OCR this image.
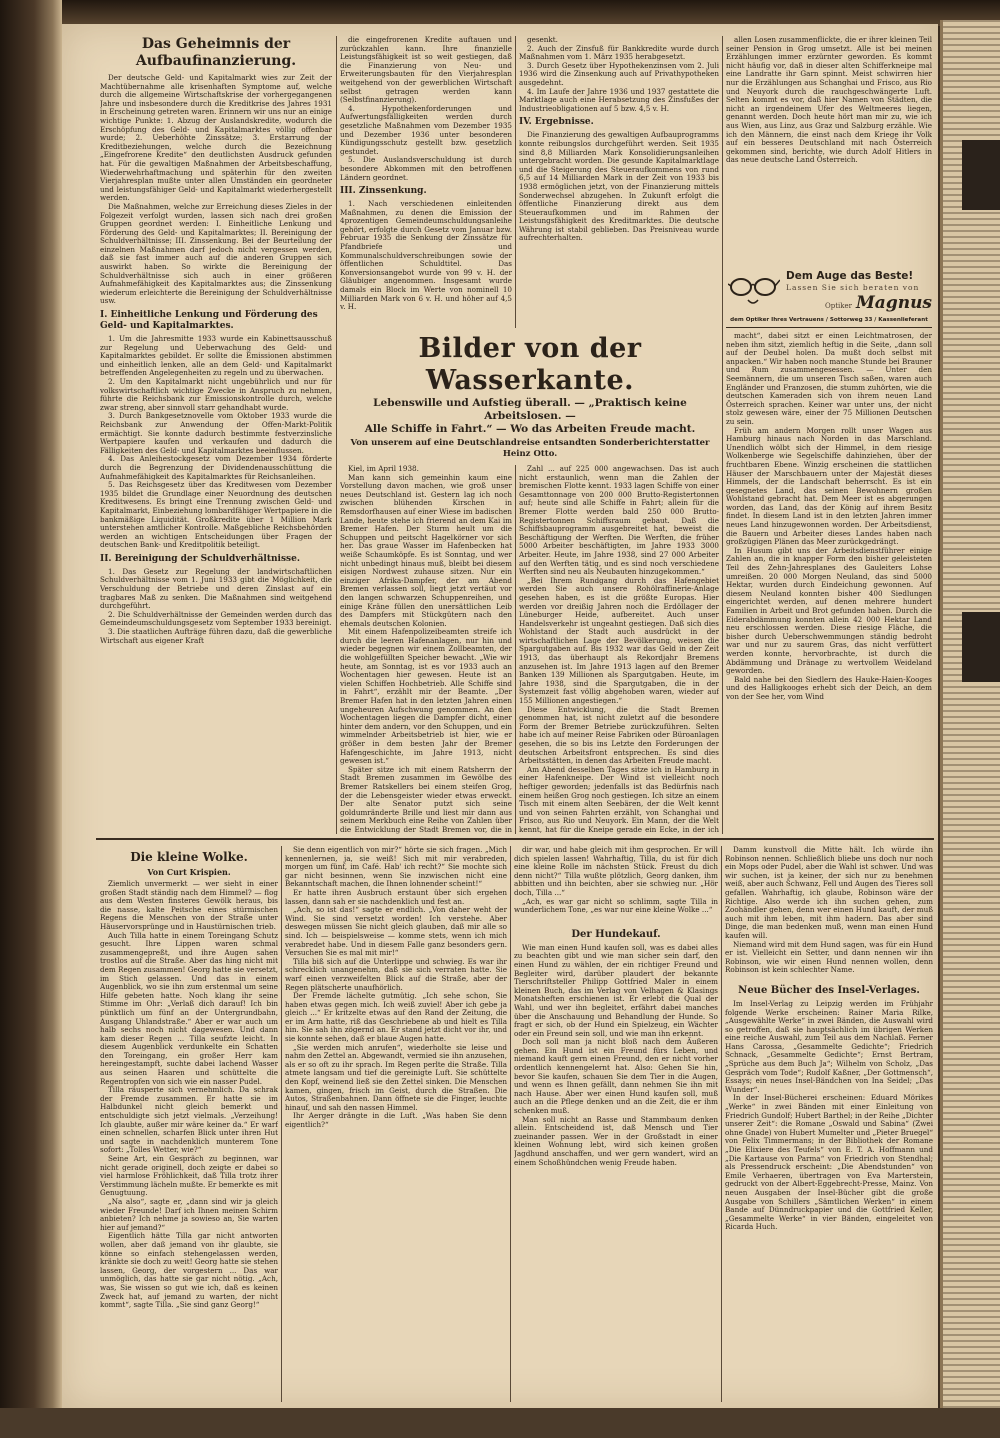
Das Geheimnis der Aufbaufinanzierung.

Der deutsche Geld- und Kapitalmarkt wies zur Zeit der Machtübernahme alle krisenhaften Symptome auf, welche durch die allgemeine Wirtschaftskrise der vorhergegangenen Jahre und insbesondere durch die Kreditkrise des Jahres 1931 in Erscheinung getreten waren. Erinnern wir uns nur an einige wichtige Punkte: 1. Abzug der Auslandskredite, wodurch die Erschöpfung des Geld- und Kapitalmarktes völlig offenbar wurde; 2. Ueberhöhte Zinssätze; 3. Erstarrung der Kreditbeziehungen, welche durch die Bezeichnung „Eingefrorene Kredite“ den deutlichsten Ausdruck gefunden hat. Für die gewaltigen Maßnahmen der Arbeitsbeschaffung, Wiederwehrhaftmachung und späterhin für den zweiten Vierjahresplan mußte unter allen Umständen ein geordneter und leistungsfähiger Geld- und Kapitalmarkt wiederhergestellt werden.

Die Maßnahmen, welche zur Erreichung dieses Zieles in der Folgezeit verfolgt wurden, lassen sich nach drei großen Gruppen geordnet werden: I. Einheitliche Lenkung und Förderung des Geld- und Kapitalmarktes; II. Bereinigung der Schuldverhältnisse; III. Zinssenkung. Bei der Beurteilung der einzelnen Maßnahmen darf jedoch nicht vergessen werden, daß sie fast immer auch auf die anderen Gruppen sich auswirkt haben. So wirkte die Bereinigung der Schuldverhältnisse sich auch in einer größeren Aufnahmefähigkeit des Kapitalmarktes aus; die Zinssenkung wiederum erleichterte die Bereinigung der Schuldverhältnisse usw.

I. Einheitliche Lenkung und Förderung des Geld- und Kapitalmarktes.

1. Um die Jahresmitte 1933 wurde ein Kabinettsausschuß zur Regelung und Ueberwachung des Geld- und Kapitalmarktes gebildet. Er sollte die Emissionen abstimmen und einheitlich lenken, alle an dem Geld- und Kapitalmarkt betreffenden Angelegenheiten zu regeln und zu überwachen.

2. Um den Kapitalmarkt nicht ungebührlich und nur für volkswirtschaftlich wichtige Zwecke in Anspruch zu nehmen, führte die Reichsbank zur Emissionskontrolle durch, welche zwar streng, aber sinnvoll starr gehandhabt wurde.

3. Durch Bankgesetznovelle vom Oktober 1933 wurde die Reichsbank zur Anwendung der Offen-Markt-Politik ermächtigt. Sie konnte dadurch bestimmte festverzinsliche Wertpapiere kaufen und verkaufen und dadurch die Fälligkeiten des Geld- und Kapitalmarktes beeinflussen.

4. Das Anleihestockgesetz vom Dezember 1934 förderte durch die Begrenzung der Dividendenausschüttung die Aufnahmefähigkeit des Kapitalmarktes für Reichsanleihen.

5. Das Reichsgesetz über das Kreditwesen vom Dezember 1935 bildet die Grundlage einer Neuordnung des deutschen Kreditwesens. Es bringt eine Trennung zwischen Geld- und Kapitalmarkt, Einbeziehung lombardfähiger Wertpapiere in die bankmäßige Liquidität. Großkredite über 1 Million Mark unterstehen amtlicher Kontrolle. Maßgebliche Reichsbehörden werden an wichtigen Entscheidungen über Fragen der deutschen Bank- und Kreditpolitik beteiligt.

II. Bereinigung der Schuldverhältnisse.

1. Das Gesetz zur Regelung der landwirtschaftlichen Schuldverhältnisse vom 1. Juni 1933 gibt die Möglichkeit, die Verschuldung der Betriebe und deren Zinslast auf ein tragbares Maß zu senken. Die Maßnahmen sind weitgehend durchgeführt.

2. Die Schuldverhältnisse der Gemeinden werden durch das Gemeindeumschuldungsgesetz vom September 1933 bereinigt.

3. Die staatlichen Aufträge führen dazu, daß die gewerbliche Wirtschaft aus eigener Kraft

die eingefrorenen Kredite auftauen und zurückzahlen kann. Ihre finanzielle Leistungsfähigkeit ist so weit gestiegen, daß die Finanzierung von Neu- und Erweiterungsbauten für den Vierjahresplan weitgehend von der gewerblichen Wirtschaft selbst getragen werden kann (Selbstfinanzierung).

4. Hypothekenforderungen und Aufwertungsfälligkeiten werden durch gesetzliche Maßnahmen vom Dezember 1935 und Dezember 1936 unter besonderen Kündigungsschutz gestellt bzw. gesetzlich gestundet.

5. Die Auslandsverschuldung ist durch besondere Abkommen mit den betroffenen Ländern geordnet.

III. Zinssenkung.

1. Nach verschiedenen einleitenden Maßnahmen, zu denen die Emission der 4prozentigen Gemeindeumschuldungsanleihe gehört, erfolgte durch Gesetz vom Januar bzw. Februar 1935 die Senkung der Zinssätze für Pfandbriefe und Kommunalschuldverschreibungen sowie der öffentlichen Schuldtitel. Das Konversionsangebot wurde von 99 v. H. der Gläubiger angenommen. Insgesamt wurde damals ein Block im Werte von nominell 10 Milliarden Mark von 6 v. H. und höher auf 4,5 v. H.

gesenkt.

2. Auch der Zinsfuß für Bankkredite wurde durch Maßnahmen vom 1. März 1935 herabgesetzt.

3. Durch Gesetz über Hypothekenzinsen vom 2. Juli 1936 wird die Zinsenkung auch auf Privathypotheken ausgedehnt.

4. Im Laufe der Jahre 1936 und 1937 gestattete die Marktlage auch eine Herabsetzung des Zinsfußes der Industrieobligationen auf 5 bzw. 4,5 v. H.

IV. Ergebnisse.

Die Finanzierung des gewaltigen Aufbauprogramms konnte reibungslos durchgeführt werden. Seit 1935 sind 8,8 Milliarden Mark Konsolidierungsanleihen untergebracht worden. Die gesunde Kapitalmarktlage und die Steigerung des Steueraufkommens von rund 6,5 auf 14 Milliarden Mark in der Zeit von 1933 bis 1938 ermöglichen jetzt, von der Finanzierung mittels Sonderwechsel abzugehen. In Zukunft erfolgt die öffentliche Finanzierung direkt aus dem Steueraufkommen und im Rahmen der Leistungsfähigkeit des Kreditmarktes. Die deutsche Währung ist stabil geblieben. Das Preisniveau wurde aufrechterhalten.

allen Losen zusammenflickte, die er ihrer kleinen Teil seiner Pension in Grog umsetzt. Alle ist bei meinen Erzählungen immer erzürnter geworden. Es kommt nicht häufig vor, daß in dieser alten Schifferkneipe mal eine Landratte ihr Garn spinnt. Meist schwirren hier nur die Erzählungen aus Schanghai und Frisco, aus Rio und Neuyork durch die rauchgeschwängerte Luft. Selten kommt es vor, daß hier Namen von Städten, die nicht an irgendeinem Ufer des Weltmeeres liegen, genannt werden. Doch heute hört man mir zu, wie ich aus Wien, aus Linz, aus Graz und Salzburg erzähle. Wie ich den Männern, die einst nach dem Kriege ihr Volk auf ein besseres Deutschland mit nach Österreich gekommen sind, berichte, wie durch Adolf Hitlers in das neue deutsche Land Österreich.

Dem Auge das Beste!
Lassen Sie sich beraten von
Optiker Magnus
dem Optiker Ihres Vertrauens / Sottorweg 33 / Kassenlieferant

macht“, dabei sitzt er einen Leichtmatrosen, der neben ihm sitzt, ziemlich heftig in die Seite, „dann soll auf der Deubel holen. Da mußt doch selbst mit anpacken.“ Wir haben noch manche Stunde bei Brauner und Rum zusammengesessen. — Unter den Seemännern, die um unseren Tisch saßen, waren auch Engländer und Franzosen, die stumm zuhörten, wie die deutschen Kameraden sich von ihrem neuen Land Österreich sprachen. Keiner war unter uns, der nicht stolz gewesen wäre, einer der 75 Millionen Deutschen zu sein.

Früh am andern Morgen rollt unser Wagen aus Hamburg hinaus nach Norden in das Marschland. Unendlich wölbt sich der Himmel, in dem riesige Wolkenberge wie Segelschiffe dahinziehen, über der fruchtbaren Ebene. Winzig erscheinen die stattlichen Häuser der Marschbauern unter der Majestät dieses Himmels, der die Landschaft beherrscht. Es ist ein gesegnetes Land, das seinen Bewohnern großen Wohlstand gebracht hat. Dem Meer ist es abgerungen worden, das Land, das der König auf ihrem Besitz findet. In diesem Land ist in den letzten Jahren immer neues Land hinzugewonnen worden. Der Arbeitsdienst, die Bauern und Arbeiter dieses Landes haben nach großzügigen Plänen das Meer zurückgedrängt.

In Husum gibt uns der Arbeitsdienstführer einige Zahlen an, die in knapper Form den bisher geleisteten Teil des Zehn-Jahresplanes des Gauleiters Lohse umreißen. 20 000 Morgen Neuland, das sind 5000 Hektar, wurden durch Eindeichung gewonnen. Auf diesem Neuland konnten bisher 400 Siedlungen eingerichtet werden, auf denen mehrere hundert Familien in Arbeit und Brot gefunden haben. Durch die Eiderabdämmung konnten allein 42 000 Hektar Land neu erschlossen werden. Diese riesige Fläche, die bisher durch Ueberschwemmungen ständig bedroht war und nur zu saurem Gras, das nicht verfüttert werden konnte, hervorbrachte, ist durch die Abdämmung und Dränage zu wertvollem Weideland geworden.

Bald nahe bei den Siedlern des Hauke-Haien-Kooges und des Halligkooges erhebt sich der Deich, an dem von der See her, vom Wind

Bilder von der Wasserkante.
Lebenswille und Aufstieg überall. — „Praktisch keine Arbeitslosen. —
Alle Schiffe in Fahrt.“ — Wo das Arbeiten Freude macht.
Von unserem auf eine Deutschlandreise entsandten Sonderberichterstatter Heinz Otto.

Kiel, im April 1938.

Man kann sich gemeinhin kaum eine Vorstellung davon machen, wie groß unser neues Deutschland ist. Gestern lag ich noch zwischen blühenden Kirschen in Remsdorfhausen auf einer Wiese im badischen Lande, heute stehe ich frierend an dem Kai im Bremer Hafen. Der Sturm heult um die Schuppen und peitscht Hagelkörner vor sich her. Das graue Wasser im Hafenbecken hat weiße Schaumköpfe. Es ist Sonntag, und wer nicht unbedingt hinaus muß, bleibt bei diesem eisigen Nordwest zuhause sitzen. Nur ein einziger Afrika-Dampfer, der am Abend Bremen verlassen soll, liegt jetzt vertäut vor den langen schwarzen Schuppenreihen, und einige Kräne füllen den unersättlichen Leib des Dampfers mit Stückgütern nach den ehemals deutschen Kolonien.

Mit einem Hafenpolizeibeamten streife ich durch die leeren Hafenanlagen, nur hin und wieder begegnen wir einem Zollbeamten, der die wohlgefüllten Speicher bewacht. „Wie wir heute, am Sonntag, ist es vor 1933 auch an Wochentagen hier gewesen. Heute ist an vielen Schiffen Hochbetrieb. Alle Schiffe sind in Fahrt“, erzählt mir der Beamte. „Der Bremer Hafen hat in den letzten Jahren einen ungeheuren Aufschwung genommen. An den Wochentagen liegen die Dampfer dicht, einer hinter dem andern, vor den Schuppen, und ein wimmelnder Arbeitsbetrieb ist hier, wie er größer in dem besten Jahr der Bremer Hafengeschichte, im Jahre 1913, nicht gewesen ist.“

Später sitze ich mit einem Ratsherrn der Stadt Bremen zusammen im Gewölbe des Bremer Ratskellers bei einem steifen Grog, der die Lebensgeister wieder etwas erweckt. Der alte Senator putzt sich seine goldumränderte Brille und liest mir dann aus seinem Merkbuch eine Reihe von Zahlen über die Entwicklung der Stadt Bremen vor, die in

Zahl ... auf 225 000 angewachsen. Das ist auch nicht erstaunlich, wenn man die Zahlen der bremischen Flotte kennt. 1933 lagen Schiffe von einer Gesamttonnage von 200 000 Brutto-Registertonnen auf; heute sind alle Schiffe in Fahrt; allein für die Bremer Flotte werden bald 250 000 Brutto-Registertonnen Schiffsraum gebaut. Daß die Schiffsbauprogramm ausgebreitet hat, beweist die Beschäftigung der Werften. Die Werften, die früher 5000 Arbeiter beschäftigten, im Jahre 1933 3000 Arbeiter. Heute, im Jahre 1938, sind 27 000 Arbeiter auf den Werften tätig, und es sind noch verschiedene Werften sind neu als Neubauten hinzugekommen.“

„Bei Ihrem Rundgang durch das Hafengebiet werden Sie auch unsere Rohölraffinerie-Anlage gesehen haben, es ist die größte Europas. Hier werden vor dreißig Jahren noch die Erdöllager der Lüneburger Heide, aufbereitet. Auch unser Handelsverkehr ist ungeahnt gestiegen. Daß sich dies Wohlstand der Stadt auch ausdrückt in der wirtschaftlichen Lage der Bevölkerung, weisen die Spargutgaben auf. Bis 1932 war das Geld in der Zeit 1913, das überhaupt als Rekordjahr Bremens anzusehen ist. Im Jahre 1913 lagen auf den Bremer Banken 139 Millionen als Spargutgaben. Heute, im Jahre 1938, sind die Spargutgaben, die in der Systemzeit fast völlig abgehoben waren, wieder auf 155 Millionen angestiegen.“

Diese Entwicklung, die die Stadt Bremen genommen hat, ist nicht zuletzt auf die besondere Form der Bremer Betriebe zurückzuführen. Selten habe ich auf meiner Reise Fabriken oder Büroanlagen gesehen, die so bis ins Letzte den Forderungen der deutschen Arbeitsfront entsprechen. Es sind dies Arbeitsstätten, in denen das Arbeiten Freude macht.

Am Abend desselben Tages sitze ich in Hamburg in einer Hafenkneipe. Der Wind ist vielleicht noch heftiger geworden; jedenfalls ist das Bedürfnis nach einem heißen Grog noch gestiegen. Ich sitze an einem Tisch mit einem alten Seebären, der die Welt kennt und von seinen Fahrten erzählt, von Schanghai und Frisco, aus Rio und Neuyork. Ein Mann, der die Welt kennt, hat für die Kneipe gerade ein Ecke, in der ich

Die kleine Wolke.
Von Curt Krispien.

Ziemlich unvermerkt — wer sieht in einer großen Stadt ständig nach dem Himmel? — flog aus dem Westen finsteres Gewölk heraus, bis die nasse, kalte Peitsche eines stürmischen Regens die Menschen von der Straße unter Häuservorsprünge und in Haustürnischen trieb.

Auch Tilla hatte in einem Toreingang Schutz gesucht. Ihre Lippen waren schmal zusammengepreßt, und ihre Augen sahen trostlos auf die Straße. Aber das hing nicht mit dem Regen zusammen! Georg hatte sie versetzt, im Stich gelassen. Und das in einem Augenblick, wo sie ihn zum erstenmal um seine Hilfe gebeten hatte. Noch klang ihr seine Stimme im Ohr: „Verlaß dich darauf! Ich bin pünktlich um fünf an der Untergrundbahn, Ausgang Uhlandstraße.“ Aber er war auch um halb sechs noch nicht dagewesen. Und dann kam dieser Regen ... Tilla seufzte leicht. In diesem Augenblick verdunkelte ein Schatten den Toreingang, ein großer Herr kam hereingestampft, suchte dabei lachend Wasser aus seinen Haaren und schüttelte die Regentropfen von sich wie ein nasser Pudel.

Tilla räusperte sich vernehmlich. Da schrak der Fremde zusammen. Er hatte sie im Halbdunkel nicht gleich bemerkt und entschuldigte sich jetzt vielmals. „Verzeihung! Ich glaubte, außer mir wäre keiner da.“ Er warf einen schnellen, scharfen Blick unter ihren Hut und sagte in nachdenklich munterem Tone sofort: „Tolles Wetter, wie?“

Seine Art, ein Gespräch zu beginnen, war nicht gerade originell, doch zeigte er dabei so viel harmlose Fröhlichkeit, daß Tilla trotz ihrer Verstimmung lächeln mußte. Er bemerkte es mit Genugtuung.

„Na also“, sagte er, „dann sind wir ja gleich wieder Freunde! Darf ich Ihnen meinen Schirm anbieten? Ich nehme ja sowieso an, Sie warten hier auf jemand?“

Eigentlich hätte Tilla gar nicht antworten wollen, aber daß jemand von ihr glaubte, sie könne so einfach stehengelassen werden, kränkte sie doch zu weit! Georg hatte sie stehen lassen, Georg, der vorgestern ... Das war unmöglich, das hatte sie gar nicht nötig. „Ach, was, Sie wissen so gut wie ich, daß es keinen Zweck hat, auf jemand zu warten, der nicht kommt“, sagte Tilla. „Sie sind ganz Georg!“

Sie denn eigentlich von mir?“ hörte sie sich fragen. „Mich kennenlernen, ja, sie weiß! Sich mit mir verabreden, morgen um fünf, im Café. Hab' ich recht?“ Sie mochte sich gar nicht besinnen, wenn Sie inzwischen nicht eine Bekanntschaft machen, die Ihnen lohnender scheint!“

Er hatte ihren Ausbruch erstaunt über sich ergehen lassen, dann sah er sie nachdenklich und fest an.

„Ach, so ist das!“ sagte er endlich. „Von daher weht der Wind. Sie sind versetzt worden! Ich verstehe. Aber deswegen müssen Sie nicht gleich glauben, daß mir alle so sind. Ich — beispielsweise — komme stets, wenn ich mich verabredet habe. Und in diesem Falle ganz besonders gern. Versuchen Sie es mal mit mir!“

Tilla biß sich auf die Unterlippe und schwieg. Es war ihr schrecklich unangenehm, daß sie sich verraten hatte. Sie warf einen verzweifelten Blick auf die Straße, aber der Regen plätscherte unaufhörlich.

Der Fremde lächelte gutmütig. „Ich sehe schon, Sie haben etwas gegen mich. Ich weiß zuviel! Aber ich gebe ja gleich ...“ Er kritzelte etwas auf den Rand der Zeitung, die er im Arm hatte, riß das Geschriebene ab und hielt es Tilla hin. Sie sah ihn zögernd an. Er stand jetzt dicht vor ihr, und sie konnte sehen, daß er blaue Augen hatte.

„Sie werden mich anrufen“, wiederholte sie leise und nahm den Zettel an. Abgewandt, vermied sie ihn anzusehen, als er so oft zu ihr sprach. Im Regen perlte die Straße. Tilla atmete langsam und tief die gereinigte Luft. Sie schüttelte den Kopf, weinend ließ sie den Zettel sinken. Die Menschen kamen, gingen, frisch im Geist, durch die Straßen. Die Autos, Straßenbahnen. Dann öffnete sie die Finger, leuchte hinauf, und sah den nassen Himmel.

Ihr Aerger drängte in die Luft. „Was haben Sie denn eigentlich?“

dir war, und habe gleich mit ihm gesprochen. Er will dich spielen lassen! Wahrhaftig, Tilla, du ist für dich eine kleine Rolle im nächsten Stück. Freust du dich denn nicht?“ Tilla wußte plötzlich, Georg danken, ihm abbitten und ihn beichten, aber sie schwieg nur. „Hör doch, Tilla ...“

„Ach, es war gar nicht so schlimm, sagte Tilla in wunderlichem Tone, „es war nur eine kleine Wolke ...“

Der Hundekauf.

Wie man einen Hund kaufen soll, was es dabei alles zu beachten gibt und wie man sicher sein darf, den einen Hund zu wählen, der ein richtiger Freund und Begleiter wird, darüber plaudert der bekannte Tierschriftsteller Philipp Gottfried Maler in einem kleinen Buch, das im Verlag von Velhagen & Klasings Monatsheften erschienen ist. Er erlebt die Qual der Wahl, und wer ihn begleitet, erfährt dabei manches über die Anschauung und Behandlung der Hunde. So fragt er sich, ob der Hund ein Spielzeug, ein Wächter oder ein Freund sein soll, und wie man ihn erkennt.

Doch soll man ja nicht bloß nach dem Äußeren gehen. Ein Hund ist ein Freund fürs Leben, und niemand kauft gern einen Freund, den er nicht vorher ordentlich kennengelernt hat. Also: Gehen Sie hin, bevor Sie kaufen, schauen Sie dem Tier in die Augen, und wenn es Ihnen gefällt, dann nehmen Sie ihn mit nach Hause. Aber wer einen Hund kaufen soll, muß auch an die Pflege denken und an die Zeit, die er ihm schenken muß.

Man soll nicht an Rasse und Stammbaum denken allein. Entscheidend ist, daß Mensch und Tier zueinander passen. Wer in der Großstadt in einer kleinen Wohnung lebt, wird sich keinen großen Jagdhund anschaffen, und wer gern wandert, wird an einem Schoßhündchen wenig Freude haben.

Damm kunstvoll die Mitte hält. Ich würde ihn Robinson nennen. Schließlich bliebe uns doch nur noch ein Mops oder Pudel, aber die Wahl ist schwer. Und was wir suchen, ist ja keiner, der sich nur zu benehmen weiß, aber auch Schwanz, Fell und Augen des Tieres soll gefallen. Wahrhaftig, ich glaube, Robinson wäre der Richtige. Also werde ich ihn suchen gehen, zum Zoohändler gehen, denn wer einen Hund kauft, der muß auch mit ihm leben, mit ihm hadern. Das aber sind Dinge, die man bedenken muß, wenn man einen Hund kaufen will.

Niemand wird mit dem Hund sagen, was für ein Hund er ist. Vielleicht ein Setter, und dann nennen wir ihn Robinson, wie wir einen Hund nennen wollen, denn Robinson ist kein schlechter Name.

Neue Bücher des Insel-Verlages.

Im Insel-Verlag zu Leipzig werden im Frühjahr folgende Werke erscheinen: Rainer Maria Rilke, „Ausgewählte Werke“ in zwei Bänden, die Auswahl wird so getroffen, daß sie hauptsächlich im übrigen Werken eine reiche Auswahl, zum Teil aus dem Nachlaß. Ferner Hans Carossa, „Gesammelte Gedichte“; Friedrich Schnack, „Gesammelte Gedichte“; Ernst Bertram, „Sprüche aus dem Buch Ja“; Wilhelm von Scholz, „Das Gespräch vom Tode“; Rudolf Kaßner, „Der Gottmensch“, Essays; ein neues Insel-Bändchen von Ina Seidel; „Das Wunder“.

In der Insel-Bücherei erscheinen: Eduard Mörikes „Werke“ in zwei Bänden mit einer Einleitung von Friedrich Gundolf; Hubert Barthel; in der Reihe „Dichter unserer Zeit“: die Romane „Oswald und Sabina“ (Zwei ohne Gnade) von Hubert Mumelter und „Pieter Bruegel“ von Felix Timmermans; in der Bibliothek der Romane „Die Elixiere des Teufels“ von E. T. A. Hoffmann und „Die Kartause von Parma“ von Friedrich von Stendhal; als Pressendruck erscheint: „Die Abendstunden“ von Emile Verhaeren, übertragen von Eva Marterstein, gedruckt von der Albert-Eggebrecht-Presse, Mainz. Von neuen Ausgaben der Insel-Bücher gibt die große Ausgabe von Schillers „Sämtlichen Werken“ in einem Bande auf Dünndruckpapier und die Gottfried Keller, „Gesammelte Werke“ in vier Bänden, eingeleitet von Ricarda Huch.
